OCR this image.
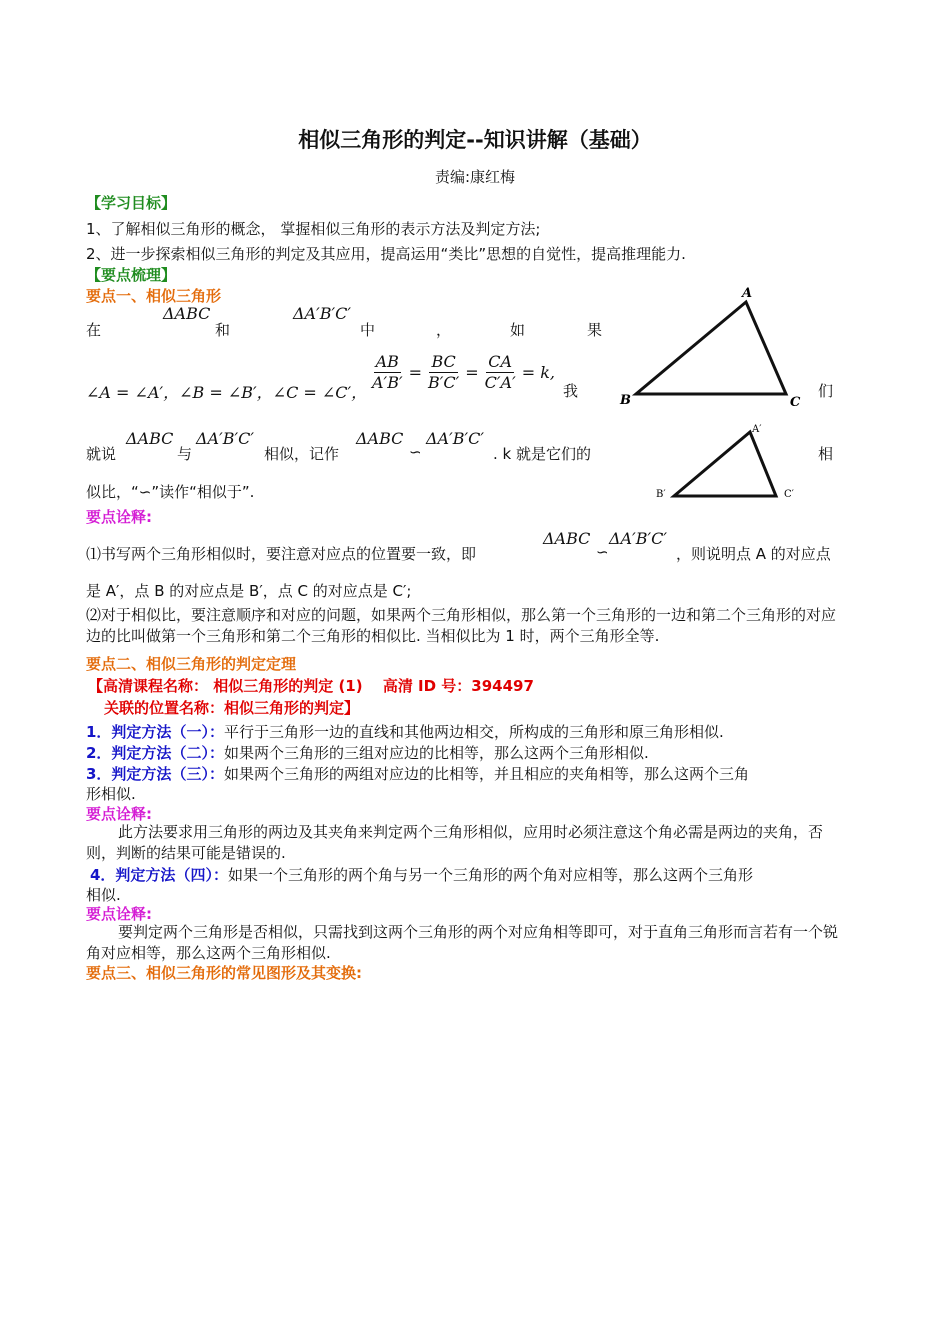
相似三角形的判定--知识讲解（基础）
责编:康红梅
【学习目标】
1、了解相似三角形的概念， 掌握相似三角形的表示方法及判定方法;
2、进一步探索相似三角形的判定及其应用，提高运用“类比”思想的自觉性，提高推理能力.
【要点梳理】
要点一、相似三角形
在
ΔABC
和
ΔA′B′C′
中	，	如	果
∠A = ∠A′，∠B = ∠B′，∠C = ∠C′， $\frac{AB}{A'B'} = \frac{BC}{B'C'} = \frac{CA}{C'A'} = k$,
我	们
就说
ΔABC
与
ΔA′B′C′
相似，记作
ΔABC
∽
ΔA′B′C′
. k 就是它们的	相
似比，“∽”读作“相似于”.
要点诠释:
⑴书写两个三角形相似时，要注意对应点的位置要一致，即
ΔABC
∽
ΔA′B′C′
，则说明点 A 的对应点
是 A′，点 B 的对应点是 B′，点 C 的对应点是 C′;
⑵对于相似比，要注意顺序和对应的问题，如果两个三角形相似，那么第一个三角形的一边和第二个三角形的对应边的比叫做第一个三角形和第二个三角形的相似比. 当相似比为 1 时，两个三角形全等.
A
B	C
A′
B′	C′
要点二、相似三角形的判定定理
【高清课程名称： 相似三角形的判定 (1)　 高清 ID 号：394497
关联的位置名称：相似三角形的判定】
1．判定方法（一）：平行于三角形一边的直线和其他两边相交，所构成的三角形和原三角形相似.
2．判定方法（二）：如果两个三角形的三组对应边的比相等，那么这两个三角形相似.
3．判定方法（三）：如果两个三角形的两组对应边的比相等，并且相应的夹角相等，那么这两个三角
形相似.
要点诠释:
此方法要求用三角形的两边及其夹角来判定两个三角形相似，应用时必须注意这个角必需是两边的夹角，否则，判断的结果可能是错误的.
4．判定方法（四）：如果一个三角形的两个角与另一个三角形的两个角对应相等，那么这两个三角形
相似.
要点诠释:
要判定两个三角形是否相似，只需找到这两个三角形的两个对应角相等即可，对于直角三角形而言若有一个锐角对应相等，那么这两个三角形相似.
要点三、相似三角形的常见图形及其变换:
